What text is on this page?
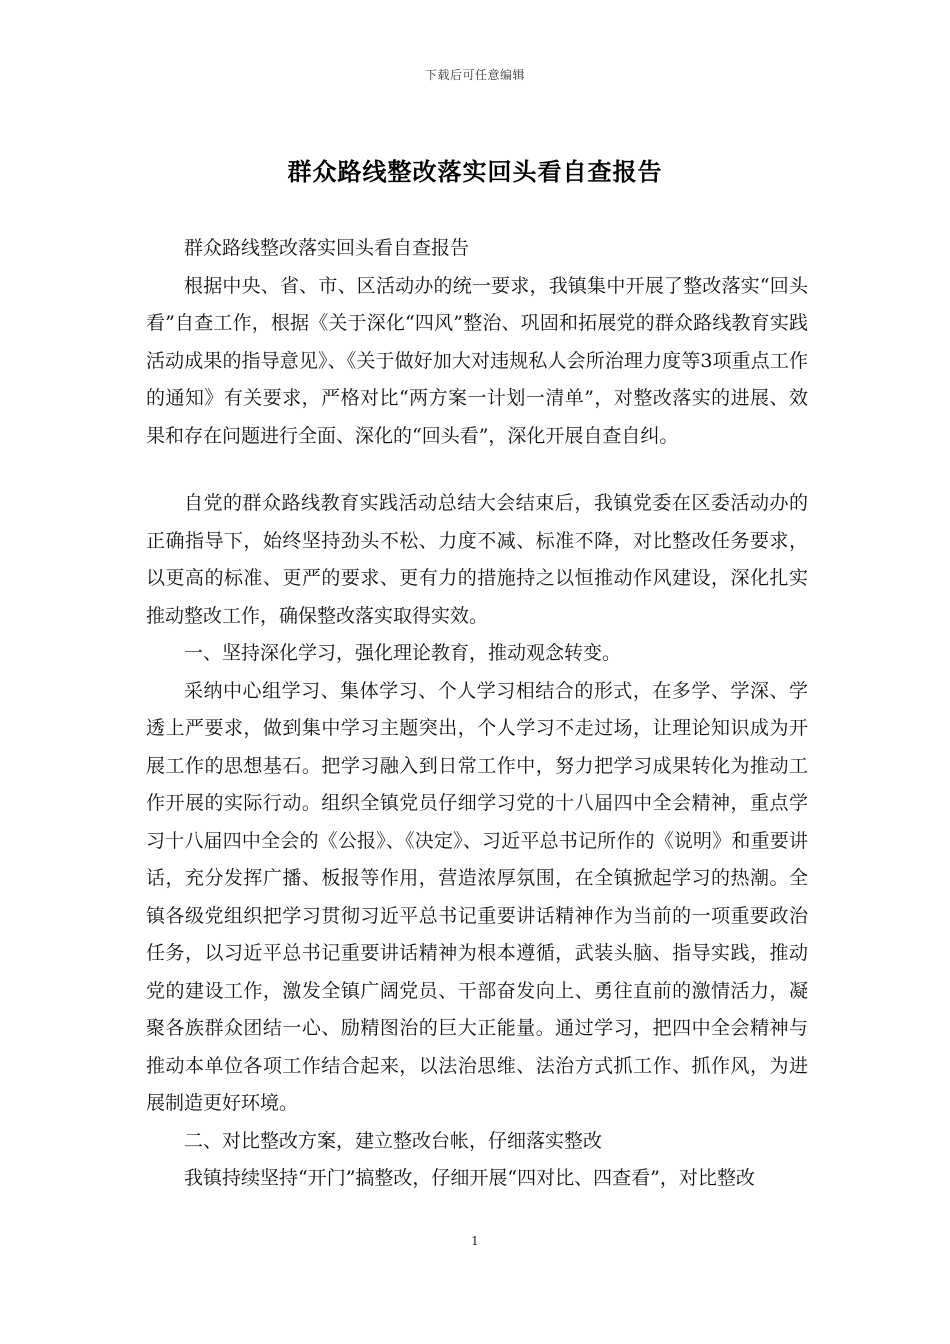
下载后可任意编辑
群众路线整改落实回头看自查报告

群众路线整改落实回头看自查报告

根据中央、省、市、区活动办的统一要求，我镇集中开展了整改落实“回头看”自查工作，根据《关于深化“四风”整治、巩固和拓展党的群众路线教育实践活动成果的指导意见》、《关于做好加大对违规私人会所治理力度等3项重点工作的通知》有关要求，严格对比“两方案一计划一清单”，对整改落实的进展、效果和存在问题进行全面、深化的“回头看”，深化开展自查自纠。

自党的群众路线教育实践活动总结大会结束后，我镇党委在区委活动办的正确指导下，始终坚持劲头不松、力度不减、标准不降，对比整改任务要求，以更高的标准、更严的要求、更有力的措施持之以恒推动作风建设，深化扎实推动整改工作，确保整改落实取得实效。

一、坚持深化学习，强化理论教育，推动观念转变。

采纳中心组学习、集体学习、个人学习相结合的形式，在多学、学深、学透上严要求，做到集中学习主题突出，个人学习不走过场，让理论知识成为开展工作的思想基石。把学习融入到日常工作中，努力把学习成果转化为推动工作开展的实际行动。组织全镇党员仔细学习党的十八届四中全会精神，重点学习十八届四中全会的《公报》、《决定》、习近平总书记所作的《说明》和重要讲话，充分发挥广播、板报等作用，营造浓厚氛围，在全镇掀起学习的热潮。全镇各级党组织把学习贯彻习近平总书记重要讲话精神作为当前的一项重要政治任务，以习近平总书记重要讲话精神为根本遵循，武装头脑、指导实践，推动党的建设工作，激发全镇广阔党员、干部奋发向上、勇往直前的激情活力，凝聚各族群众团结一心、励精图治的巨大正能量。通过学习，把四中全会精神与推动本单位各项工作结合起来，以法治思维、法治方式抓工作、抓作风，为进展制造更好环境。

二、对比整改方案，建立整改台帐，仔细落实整改

我镇持续坚持“开门”搞整改，仔细开展“四对比、四查看”，对比整改

1
